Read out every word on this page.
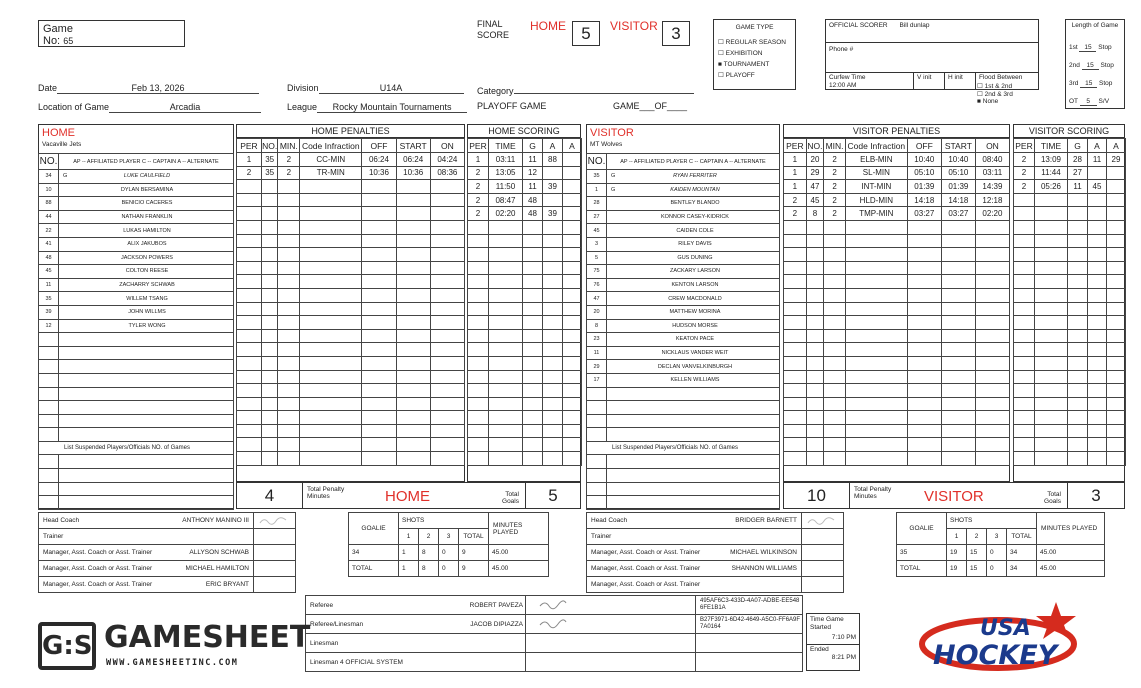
Game
No: 65
FINAL
SCORE
HOME 5	VISITOR 3	GAME TYPE
☐ REGULAR SEASON
☐ EXHIBITION
■ TOURNAMENT
☐ PLAYOFF
OFFICIAL SCORER Bill dunlap
Phone #
Curfew Time
12:00 AM
V init	H init	Flood Between
☐ 1st & 2nd
☐ 2nd & 3rd
■ None
Length of Game
1st 15 Stop
2nd 15 Stop
3rd 15 Stop
OT 5 S/V
Date	Feb 13, 2026	Division	U14A	Category
Location of Game	Arcadia	League Rocky Mountain Tournaments	PLAYOFF GAME	GAME___OF____
HOME
Vacaville Jets
NO.	AP -- AFFILIATED PLAYER C -- CAPTAIN A -- ALTERNATE
34	G LUKE CAULFIELD
10	DYLAN BERSAMINA
88	BENICIO CACERES
44	NATHAN FRANKLIN
22	LUKAS HAMILTON
41	ALIX JAKUBOS
48	JACKSON POWERS
45	COLTON REESE
11	ZACHARRY SCHWAB
35	WILLEM TSANG
39	JOHN WILLMS
12	TYLER WONG

List Suspended Players/Officials NO. of Games	

HOME PENALTIES
PER	NO.	MIN.	Code Infraction	OFF	START	ON
1	35	2	CC-MIN	06:24	06:24	04:24
2	35	2	TR-MIN	10:36	10:36	08:36

HOME SCORING
PER	TIME	G	A	A
1	03:11	11	88	
2	13:05	12		
2	11:50	11	39	
2	08:47	48		
2	02:20	48	39	

4	Total Penalty Minutes	HOME	Total Goals	5
VISITOR
MT Wolves
NO.	AP -- AFFILIATED PLAYER C -- CAPTAIN A -- ALTERNATE
35	G RYAN FERRITER
1	G KAIDEN MOUNTAN
28	BENTLEY BLANDO
27	KONNOR CASEY-KIDRICK
45	CAIDEN COLE
3	RILEY DAVIS
5	GUS DUNING
75	ZACKARY LARSON
76	KENTON LARSON
47	CREW MACDONALD
20	MATTHEW MORINA
8	HUDSON MORSE
23	KEATON PACE
11	NICKLAUS VANDER WEIT
29	DECLAN VANVELKINBURGH
17	KELLEN WILLIAMS

List Suspended Players/Officials NO. of Games	

VISITOR PENALTIES
PER	NO.	MIN.	Code Infraction	OFF	START	ON
1	20	2	ELB-MIN	10:40	10:40	08:40
1	29	2	SL-MIN	05:10	05:10	03:11
1	47	2	INT-MIN	01:39	01:39	14:39
2	45	2	HLD-MIN	14:18	14:18	12:18
2	8	2	TMP-MIN	03:27	03:27	02:20

VISITOR SCORING
PER	TIME	G	A	A
2	13:09	28	11	29
2	11:44	27		
2	05:26	11	45	

10	Total Penalty Minutes	VISITOR	Total Goals	3
Head Coach ANTHONY MANINO III

Trainer

Manager, Asst. Coach or Asst. Trainer ALLYSON SCHWAB	

Manager, Asst. Coach or Asst. Trainer MICHAEL HAMILTON	

Manager, Asst. Coach or Asst. Trainer ERIC BRYANT	

GOALIE	SHOTS				MINUTES PLAYED
	1	2	3	TOTAL	
34	1	8	0	9	45.00
TOTAL	1	8	0	9	45.00
Head Coach BRIDGER BARNETT

Trainer

Manager, Asst. Coach or Asst. Trainer MICHAEL WILKINSON	

Manager, Asst. Coach or Asst. Trainer SHANNON WILLIAMS	

Manager, Asst. Coach or Asst. Trainer

GOALIE	SHOTS				MINUTES PLAYED
	1	2	3	TOTAL	
35	19	15	0	34	45.00
TOTAL	19	15	0	34	45.00
Referee ROBERT PAVEZA		495AF6C3-433D-4A07-ADBE-EE5486FE1B1A
Referee/Linesman JACOB DIPIAZZA		B27F3971-6D42-4649-A5C0-FF6A9F7A0164
Linesman

Linesman 4 OFFICIAL SYSTEM

Time Game Started
7:10 PM
Ended
8:21 PM
G:S GAMESHEET
WWW.GAMESHEETINC.COM
USA
HOCKEY
